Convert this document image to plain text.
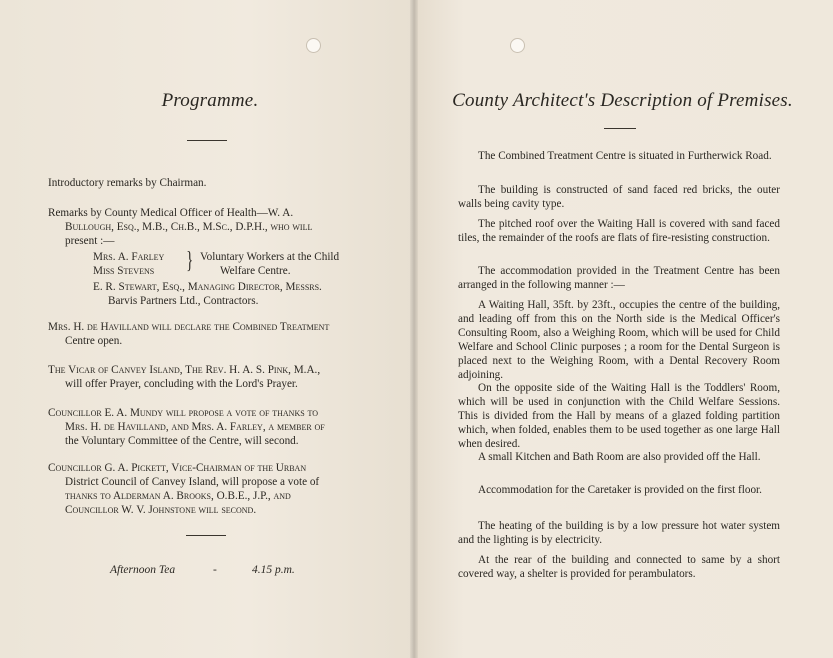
Programme.
Introductory remarks by Chairman.
Remarks by County Medical Officer of Health—W. A.
Bullough, Esq., M.B., Ch.B., M.Sc., D.P.H., who will
present :—
Mrs. A. Farley
Miss Stevens } Voluntary Workers at the Child
Welfare Centre.
E. R. Stewart, Esq., Managing Director, Messrs.
Barvis Partners Ltd., Contractors.
Mrs. H. de Havilland will declare the Combined Treatment
Centre open.
The Vicar of Canvey Island, The Rev. H. A. S. Pink, M.A.,
will offer Prayer, concluding with the Lord's Prayer.
Councillor E. A. Mundy will propose a vote of thanks to
Mrs. H. de Havilland, and Mrs. A. Farley, a member of
the Voluntary Committee of the Centre, will second.
Councillor G. A. Pickett, Vice-Chairman of the Urban
District Council of Canvey Island, will propose a vote of
thanks to Alderman A. Brooks, O.B.E., J.P., and
Councillor W. V. Johnstone will second.
Afternoon Tea	-	4.15 p.m.
County Architect's Description of Premises.
The Combined Treatment Centre is situated in Furtherwick Road.
The building is constructed of sand faced red bricks, the outer walls being cavity type.
The pitched roof over the Waiting Hall is covered with sand faced tiles, the remainder of the roofs are flats of fire-resisting construction.
The accommodation provided in the Treatment Centre has been arranged in the following manner :—
A Waiting Hall, 35ft. by 23ft., occupies the centre of the building, and leading off from this on the North side is the Medical Officer's Consulting Room, also a Weighing Room, which will be used for Child Welfare and School Clinic purposes ; a room for the Dental Surgeon is placed next to the Weighing Room, with a Dental Recovery Room adjoining.
On the opposite side of the Waiting Hall is the Toddlers' Room, which will be used in conjunction with the Child Welfare Sessions. This is divided from the Hall by means of a glazed folding partition which, when folded, enables them to be used together as one large Hall when desired.
A small Kitchen and Bath Room are also provided off the Hall.
Accommodation for the Caretaker is provided on the first floor.
The heating of the building is by a low pressure hot water system and the lighting is by electricity.
At the rear of the building and connected to same by a short covered way, a shelter is provided for perambulators.
